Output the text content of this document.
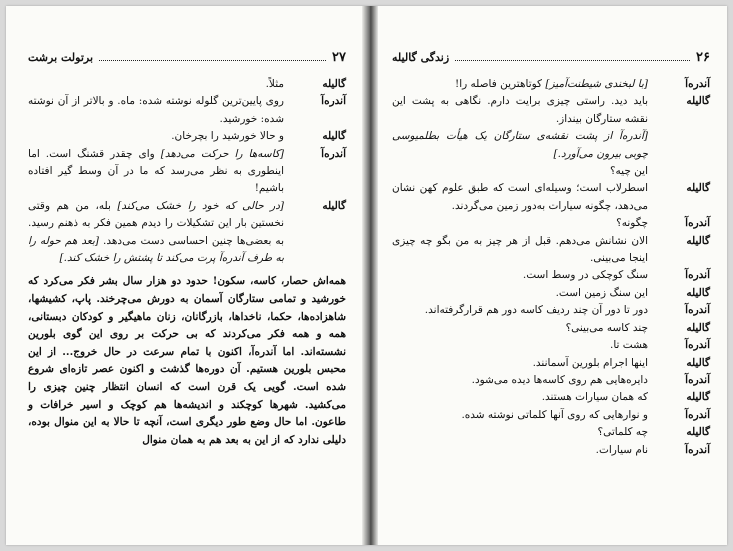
۲۷
برتولت برشت
گالیله
مثلاً.
آندره‌آ
روی پایین‌ترین گلوله نوشته شده: ماه. و بالاتر از آن نوشته شده: خورشید.
گالیله
و حالا خورشید را بچرخان.
آندره‌آ
[کاسه‌ها را حرکت می‌دهد] وای چقدر قشنگ است. اما اینطوری به نظر می‌رسد که ما در آن وسط گیر افتاده باشیم!
گالیله
[در حالی که خود را خشک می‌کند] بله، من هم وقتی نخستین بار این تشکیلات را دیدم همین فکر به ذهنم رسید. به بعضی‌ها چنین احساسی دست می‌دهد. [بعد هم حوله را به طرف آندره‌آ پرت می‌کند تا پشتش را خشک کند.]
همه‌اش حصار، کاسه، سکون! حدود دو هزار سال بشر فکر می‌کرد که خورشید و تمامی ستارگان آسمان به دورش می‌چرخند. پاپ، کشیشها، شاهزاده‌ها، حکما، ناخداها، بازرگانان، زنان ماهیگیر و کودکان دبستانی، همه و همه فکر می‌کردند که بی حرکت بر روی این گوی بلورین نشسته‌اند. اما آندره‌آ، اکنون با تمام سرعت در حال خروج... از این محبس بلورین هستیم. آن دوره‌ها گذشت و اکنون عصر تازه‌ای شروع شده است. گویی یک قرن است که انسان انتظار چنین چیزی را می‌کشید. شهرها کوچکند و اندیشه‌ها هم کوچک و اسیر خرافات و طاعون. اما حال وضع طور دیگری است، آنچه تا حالا به این منوال بوده، دلیلی ندارد که از این به بعد هم به همان منوال
۲۶
زندگی گالیله
آندره‌آ
[با لبخندی شیطنت‌آمیز] کوتاهترین فاصله را!
گالیله
باید دید. راستی چیزی برایت دارم. نگاهی به پشت این نقشه ستارگان بینداز.
[آندره‌آ از پشت نقشه‌ی ستارگان یک هیأت بطلمیوسی چوبی بیرون می‌آورد.]
این چیه؟
گالیله
اسطرلاب است؛ وسیله‌ای است که طبق علوم کهن نشان می‌دهد، چگونه سیارات به‌دور زمین می‌گردند.
آندره‌آ
چگونه؟
گالیله
الان نشانش می‌دهم. قبل از هر چیز به من بگو چه چیزی اینجا می‌بینی.
آندره‌آ
سنگ کوچکی در وسط است.
گالیله
این سنگ زمین است.
آندره‌آ
دور تا دور آن چند ردیف کاسه دور هم قرارگرفته‌اند.
گالیله
چند کاسه می‌بینی؟
آندره‌آ
هشت تا.
گالیله
اینها اجرام بلورین آسمانند.
آندره‌آ
دایره‌هایی هم روی کاسه‌ها دیده می‌شود.
گالیله
که همان سیارات هستند.
آندره‌آ
و نوارهایی که روی آنها کلماتی نوشته شده.
گالیله
چه کلماتی؟
آندره‌آ
نام سیارات.
